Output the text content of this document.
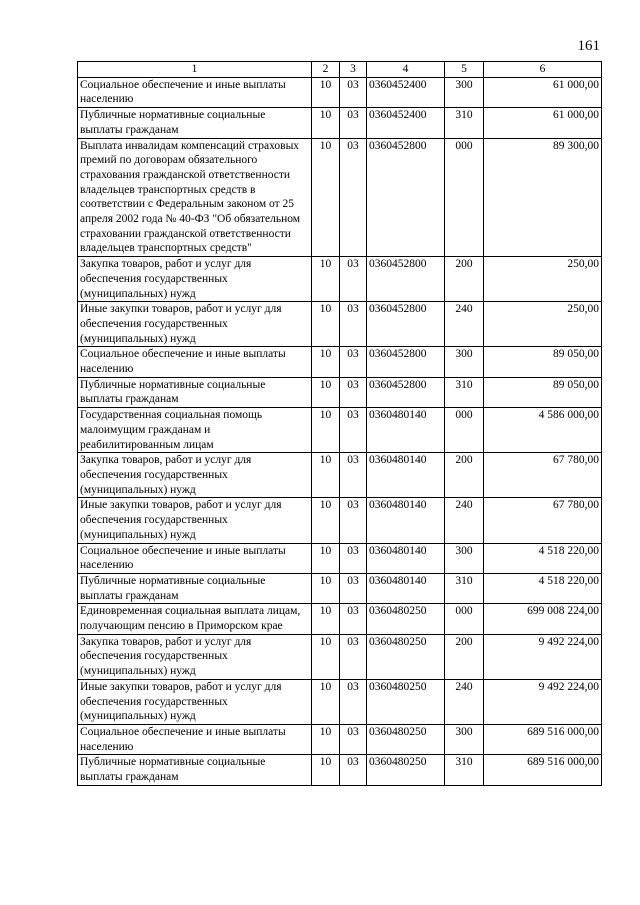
161
1	2	3	4	5	6
Социальное обеспечение и иные выплаты населению	10	03	0360452400	300	61 000,00
Публичные нормативные социальные выплаты гражданам	10	03	0360452400	310	61 000,00
Выплата инвалидам компенсаций страховых премий по договорам обязательного страхования гражданской ответственности владельцев транспортных средств в соответствии с Федеральным законом от 25 апреля 2002 года № 40-ФЗ "Об обязательном страховании гражданской ответственности владельцев транспортных средств"	10	03	0360452800	000	89 300,00
Закупка товаров, работ и услуг для обеспечения государственных (муниципальных) нужд	10	03	0360452800	200	250,00
Иные закупки товаров, работ и услуг для обеспечения государственных (муниципальных) нужд	10	03	0360452800	240	250,00
Социальное обеспечение и иные выплаты населению	10	03	0360452800	300	89 050,00
Публичные нормативные социальные выплаты гражданам	10	03	0360452800	310	89 050,00
Государственная социальная помощь малоимущим гражданам и реабилитированным лицам	10	03	0360480140	000	4 586 000,00
Закупка товаров, работ и услуг для обеспечения государственных (муниципальных) нужд	10	03	0360480140	200	67 780,00
Иные закупки товаров, работ и услуг для обеспечения государственных (муниципальных) нужд	10	03	0360480140	240	67 780,00
Социальное обеспечение и иные выплаты населению	10	03	0360480140	300	4 518 220,00
Публичные нормативные социальные выплаты гражданам	10	03	0360480140	310	4 518 220,00
Единовременная социальная выплата лицам, получающим пенсию в Приморском крае	10	03	0360480250	000	699 008 224,00
Закупка товаров, работ и услуг для обеспечения государственных (муниципальных) нужд	10	03	0360480250	200	9 492 224,00
Иные закупки товаров, работ и услуг для обеспечения государственных (муниципальных) нужд	10	03	0360480250	240	9 492 224,00
Социальное обеспечение и иные выплаты населению	10	03	0360480250	300	689 516 000,00
Публичные нормативные социальные выплаты гражданам	10	03	0360480250	310	689 516 000,00
